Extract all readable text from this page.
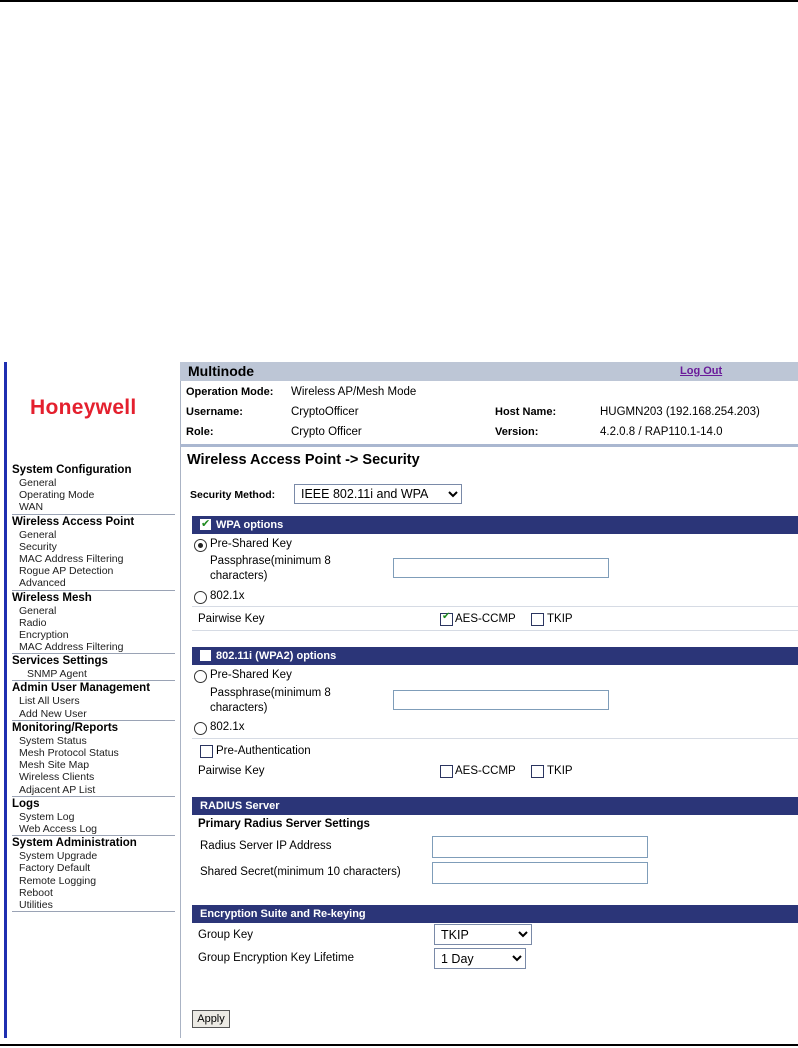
Honeywell
System Configuration
General
Operating Mode
WAN
Wireless Access Point
General
Security
MAC Address Filtering
Rogue AP Detection
Advanced
Wireless Mesh
General
Radio
Encryption
MAC Address Filtering
Services Settings
SNMP Agent
Admin User Management
List All Users
Add New User
Monitoring/Reports
System Status
Mesh Protocol Status
Mesh Site Map
Wireless Clients
Adjacent AP List
Logs
System Log
Web Access Log
System Administration
System Upgrade
Factory Default
Remote Logging
Reboot
Utilities
Multinode	Log Out
Operation Mode: Wireless AP/Mesh Mode
Username:	CryptoOfficer	Host Name:	HUGMN203 (192.168.254.203)
Role:	Crypto Officer	Version:	4.2.0.8 / RAP110.1-14.0
Wireless Access Point -> Security
Security Method:
IEEE 802.11i and WPA
✔
WPA options
Pre-Shared Key
Passphrase(minimum 8
characters)
802.1x
Pairwise Key
✔	AES-CCMP	TKIP
802.11i (WPA2) options
Pre-Shared Key
Passphrase(minimum 8
characters)
802.1x
Pre-Authentication
Pairwise Key	AES-CCMP	TKIP
RADIUS Server
Primary Radius Server Settings
Radius Server IP Address
Shared Secret(minimum 10 characters)
Encryption Suite and Re-keying
Group Key
TKIP
Group Encryption Key Lifetime
1 Day
Apply
